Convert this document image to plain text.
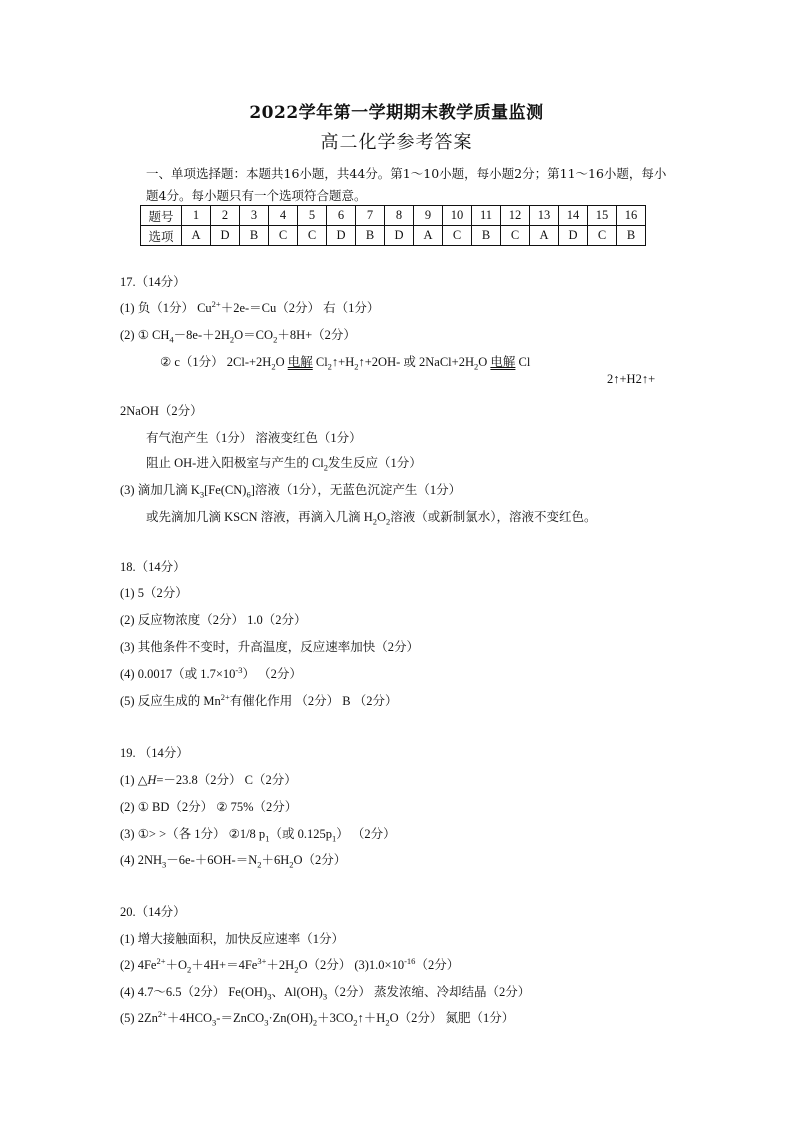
2022学年第一学期期末教学质量监测
高二化学参考答案
一、单项选择题：本题共16小题，共44分。第1～10小题，每小题2分；第11～16小题，每小题4分。每小题只有一个选项符合题意。
题号	1	2	3	4	5	6	7	8	9	10	11	12	13	14	15	16
选项	A	D	B	C	C	D	B	D	A	C	B	C	A	D	C	B
17.（14分）
(1) 负（1分） $Cu^{2+}+2e-=Cu(2$分） 右（1分）
(2) ① $CH_4-8e-+2H_2O=CO_2+8H+(2$分）
② c（1分） $2Cl-+2H_2O$ 电解 $Cl_2↑+H_2↑+2OH-$ 或 $2NaCl+2H_2O$ 电解 Cl
2↑+H2↑+
2NaOH（2分）
有气泡产生（1分） 溶液变红色（1分）
阻止 OH-进入阳极室与产生的 $Cl_2$发生反应（1分）
(3) 滴加几滴 $K_3[Fe(CN)_6]$溶液（1分），无蓝色沉淀产生（1分）
或先滴加几滴 KSCN 溶液，再滴入几滴 $H_2O_2$溶液（或新制氯水），溶液不变红色。
18.（14分）
(1) 5（2分）
(2) 反应物浓度（2分） 1.0（2分）
(3) 其他条件不变时，升高温度，反应速率加快（2分）
(4) 0.0017（或 $1.7\times 10^{-3}$） （2分）
(5) 反应生成的 $Mn^{2+}$有催化作用 （2分） B （2分）
19. （14分）
(1) △H=－23.8（2分） C（2分）
(2) ① BD（2分） ② 75%（2分）
(3) ①> >（各 1分） ②1/8 $p_1$（或 $0.125p_1$） （2分）
(4) $2NH_3-6e-+6OH-=N_2+6H_2O(2$分）
20.（14分）
(1) 增大接触面积，加快反应速率（1分）
(2) $4Fe^{2+}+O_2+4H+=4Fe^{3+}+2H_2O(2$分） $(3)1.0\times 10^{-16}(2$分）
(4) 4.7～6.5（2分） $Fe(OH)_3$、$Al(OH)_3(2$分） 蒸发浓缩、冷却结晶（2分）
(5) $2Zn^{2+}+4HCO_3-=ZnCO_3\cdot Zn(OH)_2+3CO_2↑+H_2O(2$分） 氮肥（1分）
